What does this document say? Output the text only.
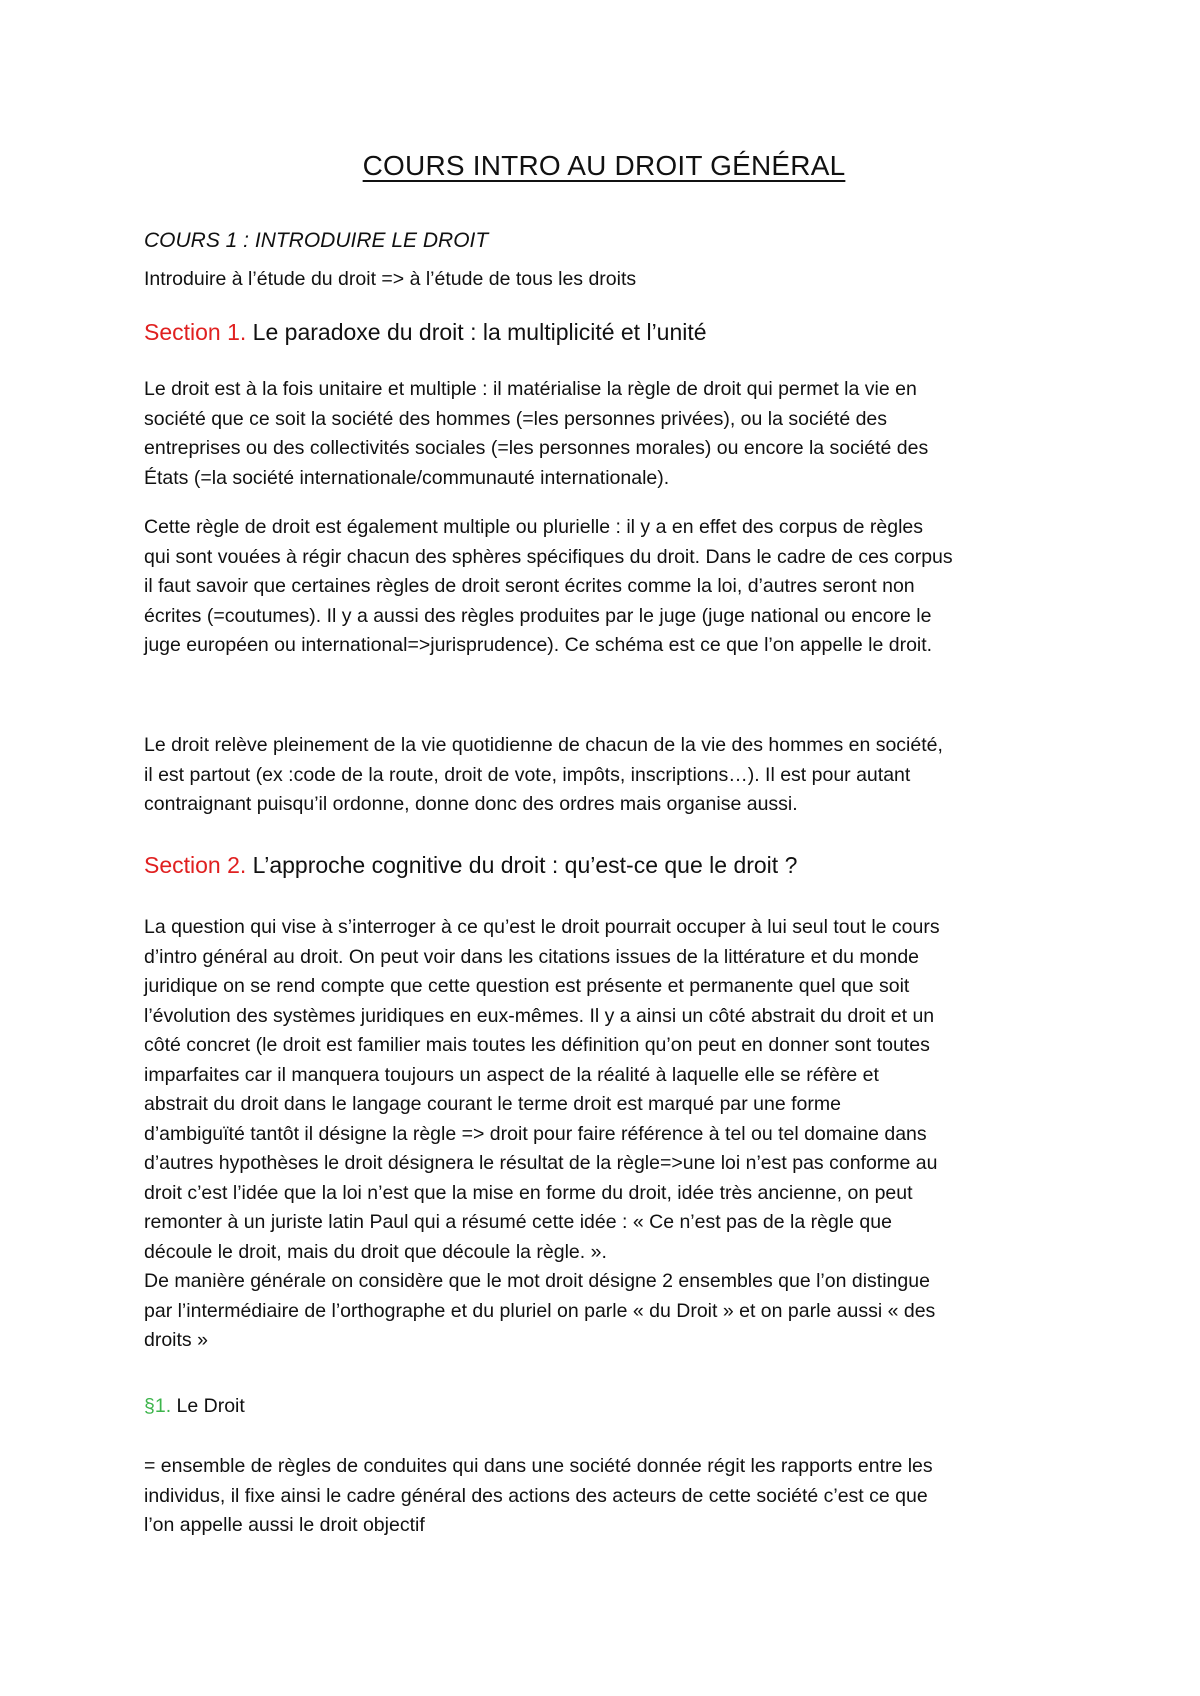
COURS INTRO AU DROIT GÉNÉRAL
COURS 1 : INTRODUIRE LE DROIT

Introduire à l’étude du droit => à l’étude de tous les droits

Section 1. Le paradoxe du droit : la multiplicité et l’unité
Le droit est à la fois unitaire et multiple : il matérialise la règle de droit qui permet la vie en
société que ce soit la société des hommes (=les personnes privées), ou la société des
entreprises ou des collectivités sociales (=les personnes morales) ou encore la société des
États (=la société internationale/communauté internationale).
Cette règle de droit est également multiple ou plurielle : il y a en effet des corpus de règles
qui sont vouées à régir chacun des sphères spécifiques du droit. Dans le cadre de ces corpus
il faut savoir que certaines règles de droit seront écrites comme la loi, d’autres seront non
écrites (=coutumes). Il y a aussi des règles produites par le juge (juge national ou encore le
juge européen ou international=>jurisprudence). Ce schéma est ce que l’on appelle le droit.
Le droit relève pleinement de la vie quotidienne de chacun de la vie des hommes en société,
il est partout (ex :code de la route, droit de vote, impôts, inscriptions…). Il est pour autant
contraignant puisqu’il ordonne, donne donc des ordres mais organise aussi.
Section 2. L’approche cognitive du droit : qu’est-ce que le droit ?
La question qui vise à s’interroger à ce qu’est le droit pourrait occuper à lui seul tout le cours
d’intro général au droit. On peut voir dans les citations issues de la littérature et du monde
juridique on se rend compte que cette question est présente et permanente quel que soit
l’évolution des systèmes juridiques en eux-mêmes. Il y a ainsi un côté abstrait du droit et un
côté concret (le droit est familier mais toutes les définition qu’on peut en donner sont toutes
imparfaites car il manquera toujours un aspect de la réalité à laquelle elle se réfère et
abstrait du droit dans le langage courant le terme droit est marqué par une forme
d’ambiguïté tantôt il désigne la règle => droit pour faire référence à tel ou tel domaine dans
d’autres hypothèses le droit désignera le résultat de la règle=>une loi n’est pas conforme au
droit c’est l’idée que la loi n’est que la mise en forme du droit, idée très ancienne, on peut
remonter à un juriste latin Paul qui a résumé cette idée : « Ce n’est pas de la règle que
découle le droit, mais du droit que découle la règle. ».
De manière générale on considère que le mot droit désigne 2 ensembles que l’on distingue
par l’intermédiaire de l’orthographe et du pluriel on parle « du Droit » et on parle aussi « des
droits »
§1. Le Droit
= ensemble de règles de conduites qui dans une société donnée régit les rapports entre les
individus, il fixe ainsi le cadre général des actions des acteurs de cette société c’est ce que
l’on appelle aussi le droit objectif
